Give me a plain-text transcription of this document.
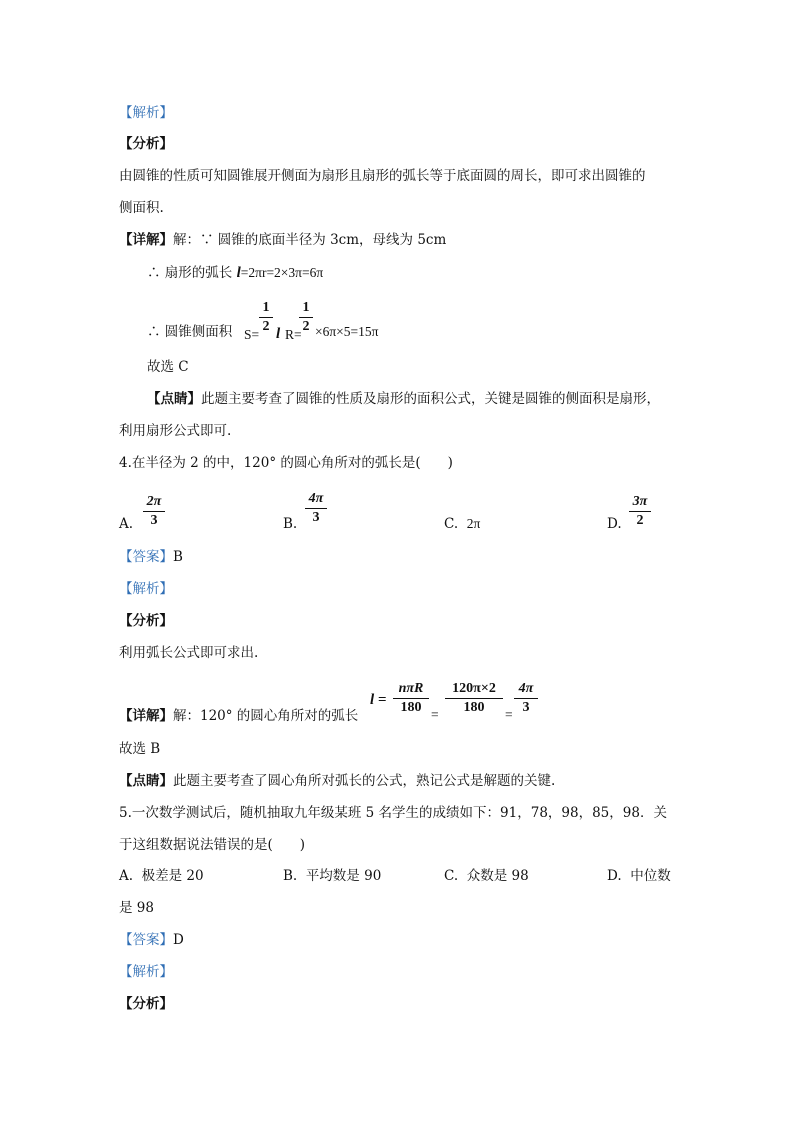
【解析】
【分析】
由圆锥的性质可知圆锥展开侧面为扇形且扇形的弧长等于底面圆的周长，即可求出圆锥的
侧面积.
【详解】解：∵ 圆锥的底面半径为 3cm，母线为 5cm
∴ 扇形的弧长 l=2πr=2×3π=6π
∴ 圆锥侧面积 $S= \frac{1}{2}$ l R=
$\frac{1}{2} \times 6\pi\times 5=15\pi$
故选 C
【点睛】此题主要考查了圆锥的性质及扇形的面积公式，关键是圆锥的侧面积是扇形，
利用扇形公式即可.
4.在半径为 2 的中，120° 的圆心角所对的弧长是(　　)
A. $\frac{2\pi}{3}$	B. $\frac{4\pi}{3}$	C. 2π	D. $\frac{3\pi}{2}$
【答案】B
【解析】
【分析】
利用弧长公式即可求出.
【详解】解：120° 的圆心角所对的弧长
l =
nπR
$180 = \frac{120\pi\times 2}{180} = \frac{4\pi}{3}$
故选 B
【点睛】此题主要考查了圆心角所对弧长的公式，熟记公式是解题的关键.
5.一次数学测试后，随机抽取九年级某班 5 名学生的成绩如下：91，78，98，85，98．关
于这组数据说法错误的是(　　)
A. 极差是 20	B. 平均数是 90	C. 众数是 98	D. 中位数
是 98
【答案】D
【解析】
【分析】
